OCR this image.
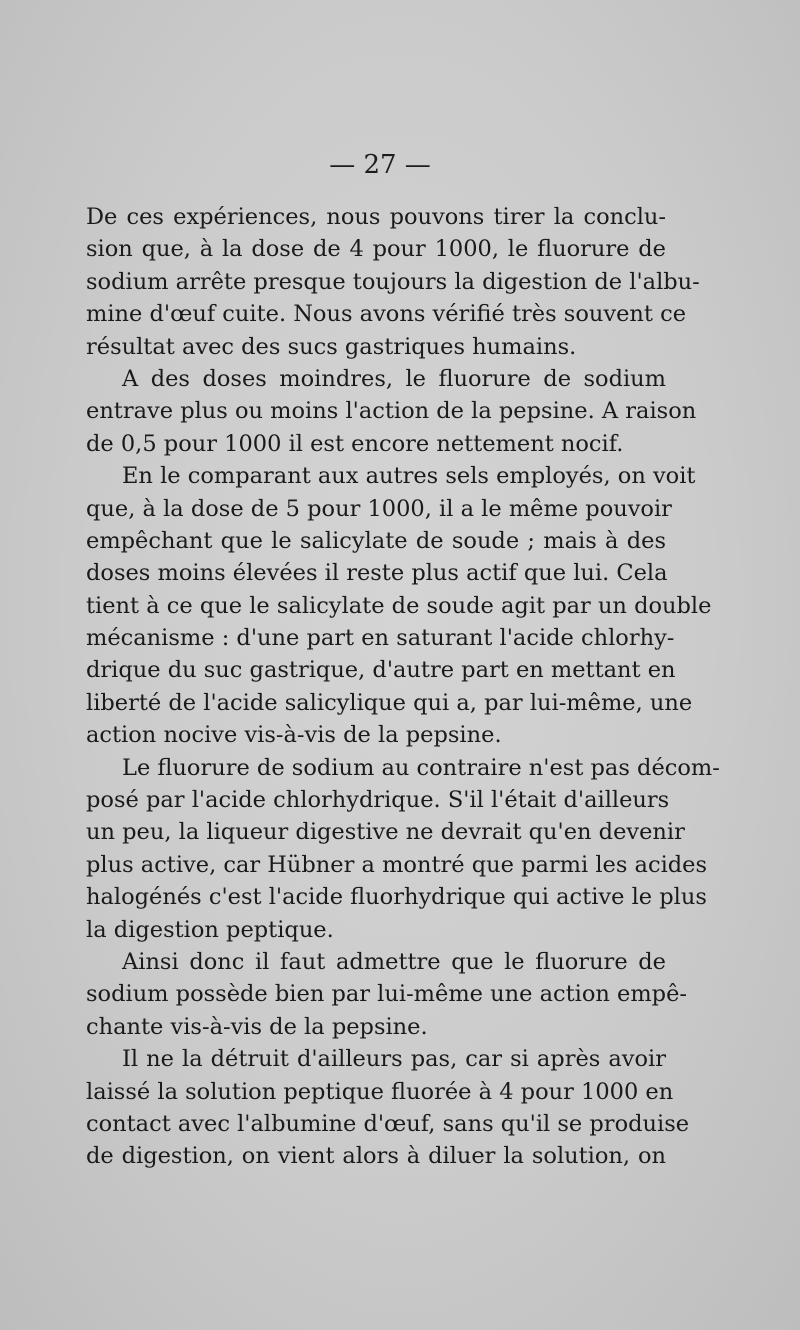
— 27 —
De ces expériences, nous pouvons tirer la conclu-
sion que, à la dose de 4 pour 1000, le fluorure de
sodium arrête presque toujours la digestion de l'albu-
mine d'œuf cuite. Nous avons vérifié très souvent ce
résultat avec des sucs gastriques humains.
A des doses moindres, le fluorure de sodium
entrave plus ou moins l'action de la pepsine. A raison
de 0,5 pour 1000 il est encore nettement nocif.
En le comparant aux autres sels employés, on voit
que, à la dose de 5 pour 1000, il a le même pouvoir
empêchant que le salicylate de soude ; mais à des
doses moins élevées il reste plus actif que lui. Cela
tient à ce que le salicylate de soude agit par un double
mécanisme : d'une part en saturant l'acide chlorhy-
drique du suc gastrique, d'autre part en mettant en
liberté de l'acide salicylique qui a, par lui-même, une
action nocive vis-à-vis de la pepsine.
Le fluorure de sodium au contraire n'est pas décom-
posé par l'acide chlorhydrique. S'il l'était d'ailleurs
un peu, la liqueur digestive ne devrait qu'en devenir
plus active, car Hübner a montré que parmi les acides
halogénés c'est l'acide fluorhydrique qui active le plus
la digestion peptique.
Ainsi donc il faut admettre que le fluorure de
sodium possède bien par lui-même une action empê-
chante vis-à-vis de la pepsine.
Il ne la détruit d'ailleurs pas, car si après avoir
laissé la solution peptique fluorée à 4 pour 1000 en
contact avec l'albumine d'œuf, sans qu'il se produise
de digestion, on vient alors à diluer la solution, on
